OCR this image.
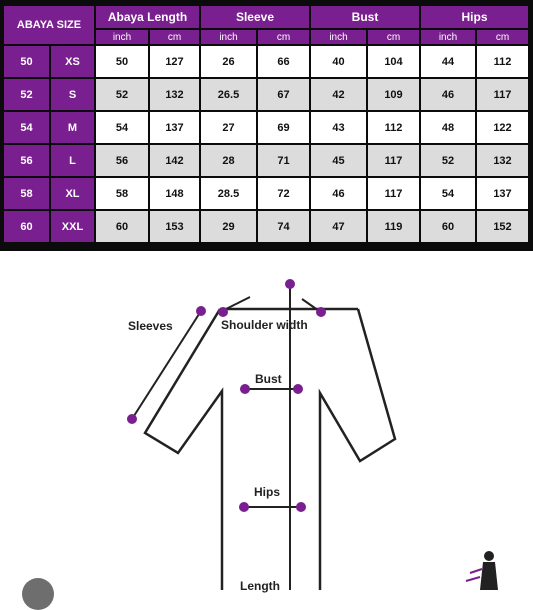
ABAYA SIZE		Abaya Length		Sleeve		Bust		Hips	
		inch	cm	inch	cm	inch	cm	inch	cm
50	XS	50	127	26	66	40	104	44	112
52	S	52	132	26.5	67	42	109	46	117
54	M	54	137	27	69	43	112	48	122
56	L	56	142	28	71	45	117	52	132
58	XL	58	148	28.5	72	46	117	54	137
60	XXL	60	153	29	74	47	119	60	152
Sleeves	Shoulder width
Bust
Hips
Length
